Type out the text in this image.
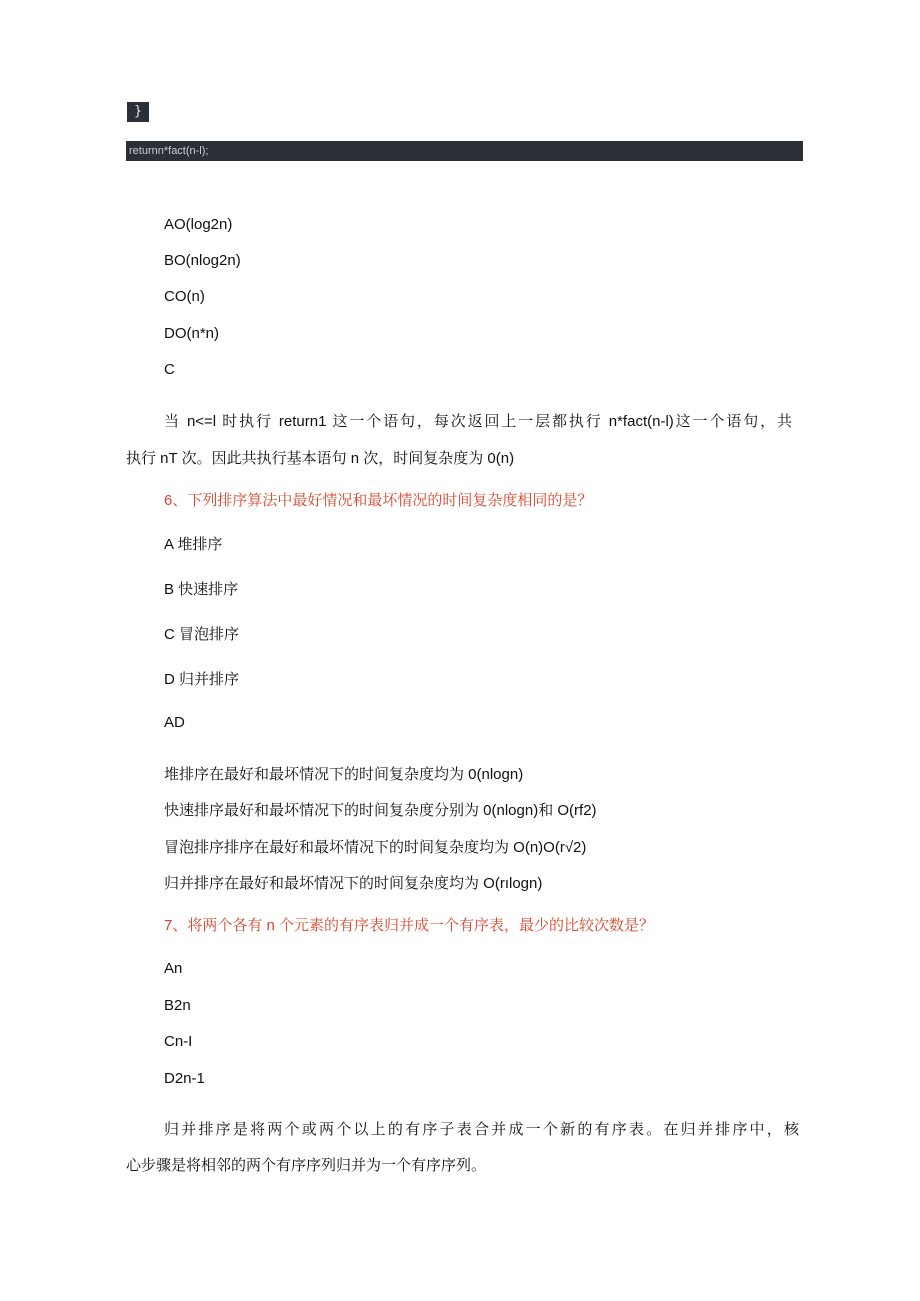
}
returnn*fact(n-l);
AO(log2n)
BO(nlog2n)
CO(n)
DO(n*n)
C
当 n<=l 时执行 return1 这一个语句，每次返回上一层都执行 n*fact(n-l)这一个语句，共
执行 nT 次。因此共执行基本语句 n 次，时间复杂度为 0(n)
6、下列排序算法中最好情况和最坏情况的时间复杂度相同的是？
A 堆排序
B 快速排序
C 冒泡排序
D 归并排序
AD
堆排序在最好和最坏情况下的时间复杂度均为 0(nlogn)
快速排序最好和最坏情况下的时间复杂度分别为 0(nlogn)和 O(rf2)
冒泡排序排序在最好和最坏情况下的时间复杂度均为 O(n)O(r√2)
归并排序在最好和最坏情况下的时间复杂度均为 O(rılogn)
7、将两个各有 n 个元素的有序表归并成一个有序表，最少的比较次数是？
An
B2n
Cn-I
D2n-1
归并排序是将两个或两个以上的有序子表合并成一个新的有序表。在归并排序中，核
心步骤是将相邻的两个有序序列归并为一个有序序列。
